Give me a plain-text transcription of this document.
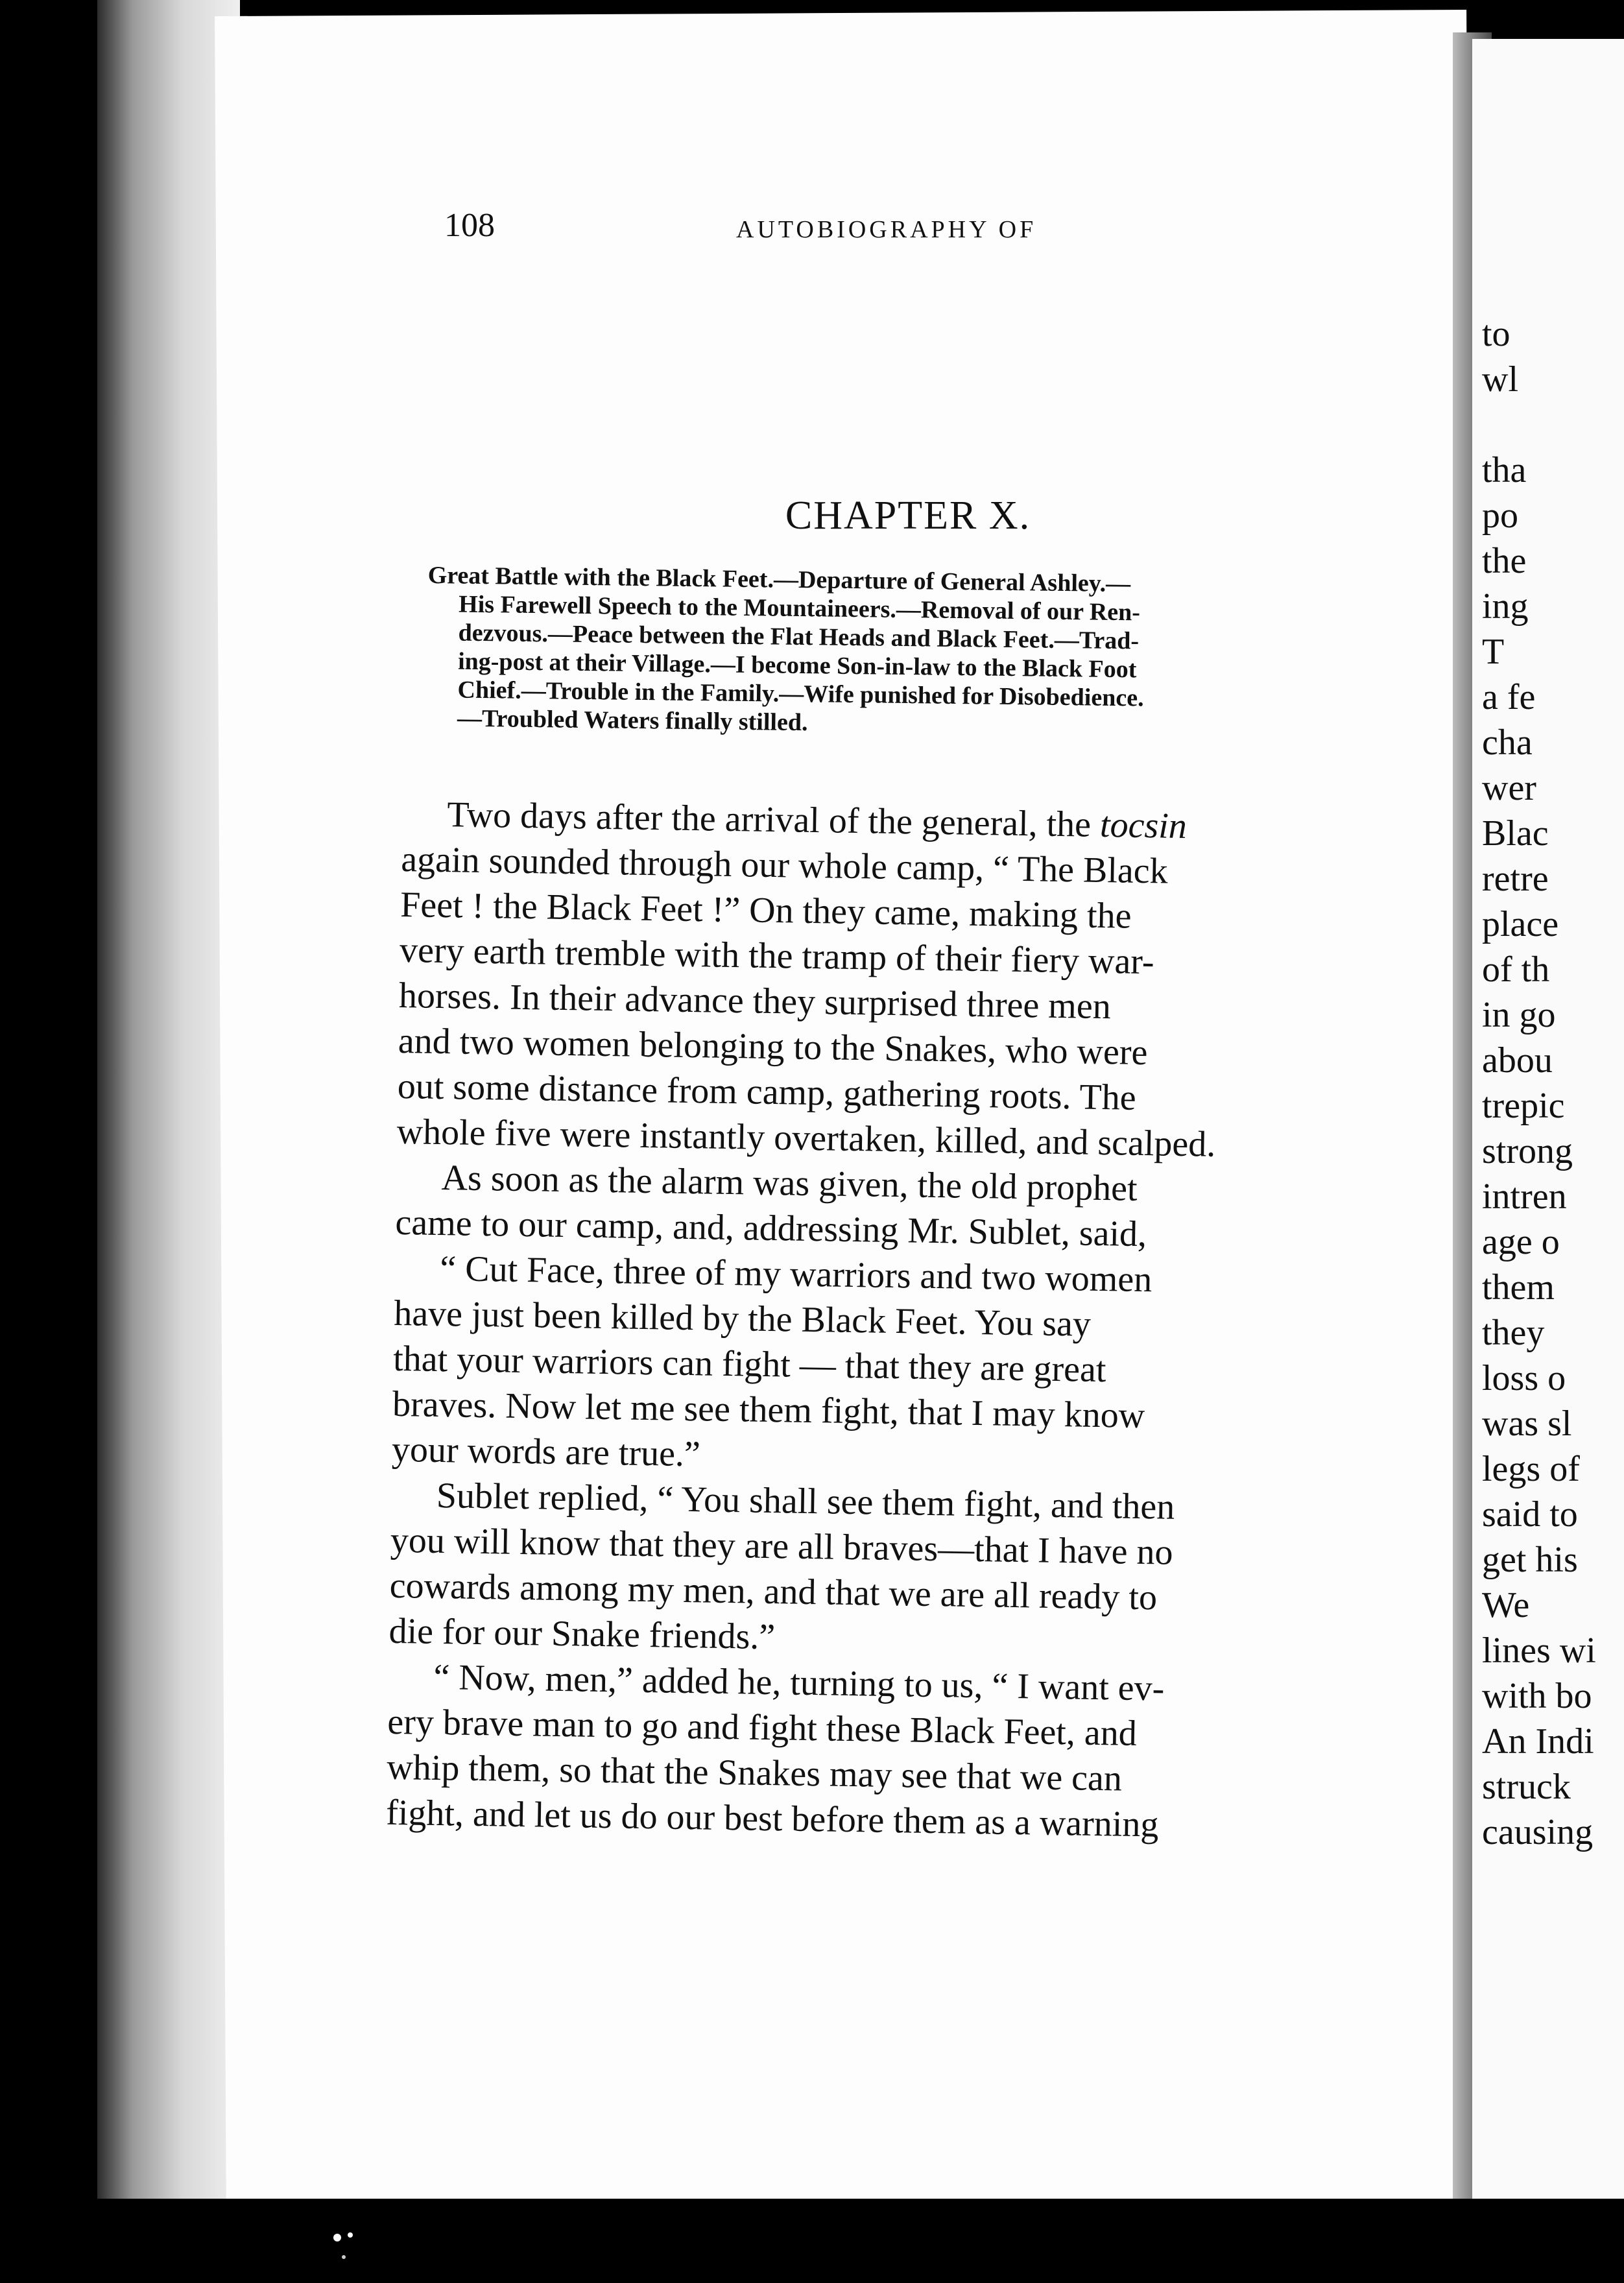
108	AUTOBIOGRAPHY OF
CHAPTER X.
Great Battle with the Black Feet.—Departure of General Ashley.—
His Farewell Speech to the Mountaineers.—Removal of our Ren-
dezvous.—Peace between the Flat Heads and Black Feet.—Trad-
ing-post at their Village.—I become Son-in-law to the Black Foot
Chief.—Trouble in the Family.—Wife punished for Disobedience.
—Troubled Waters finally stilled.
Two days after the arrival of the general, the tocsin
again sounded through our whole camp, “ The Black
Feet ! the Black Feet !” On they came, making the
very earth tremble with the tramp of their fiery war-
horses. In their advance they surprised three men
and two women belonging to the Snakes, who were
out some distance from camp, gathering roots. The
whole five were instantly overtaken, killed, and scalped.
As soon as the alarm was given, the old prophet
came to our camp, and, addressing Mr. Sublet, said,
“ Cut Face, three of my warriors and two women
have just been killed by the Black Feet. You say
that your warriors can fight — that they are great
braves. Now let me see them fight, that I may know
your words are true.”
Sublet replied, “ You shall see them fight, and then
you will know that they are all braves—that I have no
cowards among my men, and that we are all ready to
die for our Snake friends.”
“ Now, men,” added he, turning to us, “ I want ev-
ery brave man to go and fight these Black Feet, and
whip them, so that the Snakes may see that we can
fight, and let us do our best before them as a warning
to
wl
tha
po
the
ing
T
a fe
cha
wer
Blac
retre
place
of th
in go
abou
trepic
strong
intren
age o
them
they
loss o
was sl
legs of
said to
get his
We
lines wi
with bo
An Indi
struck
causing
